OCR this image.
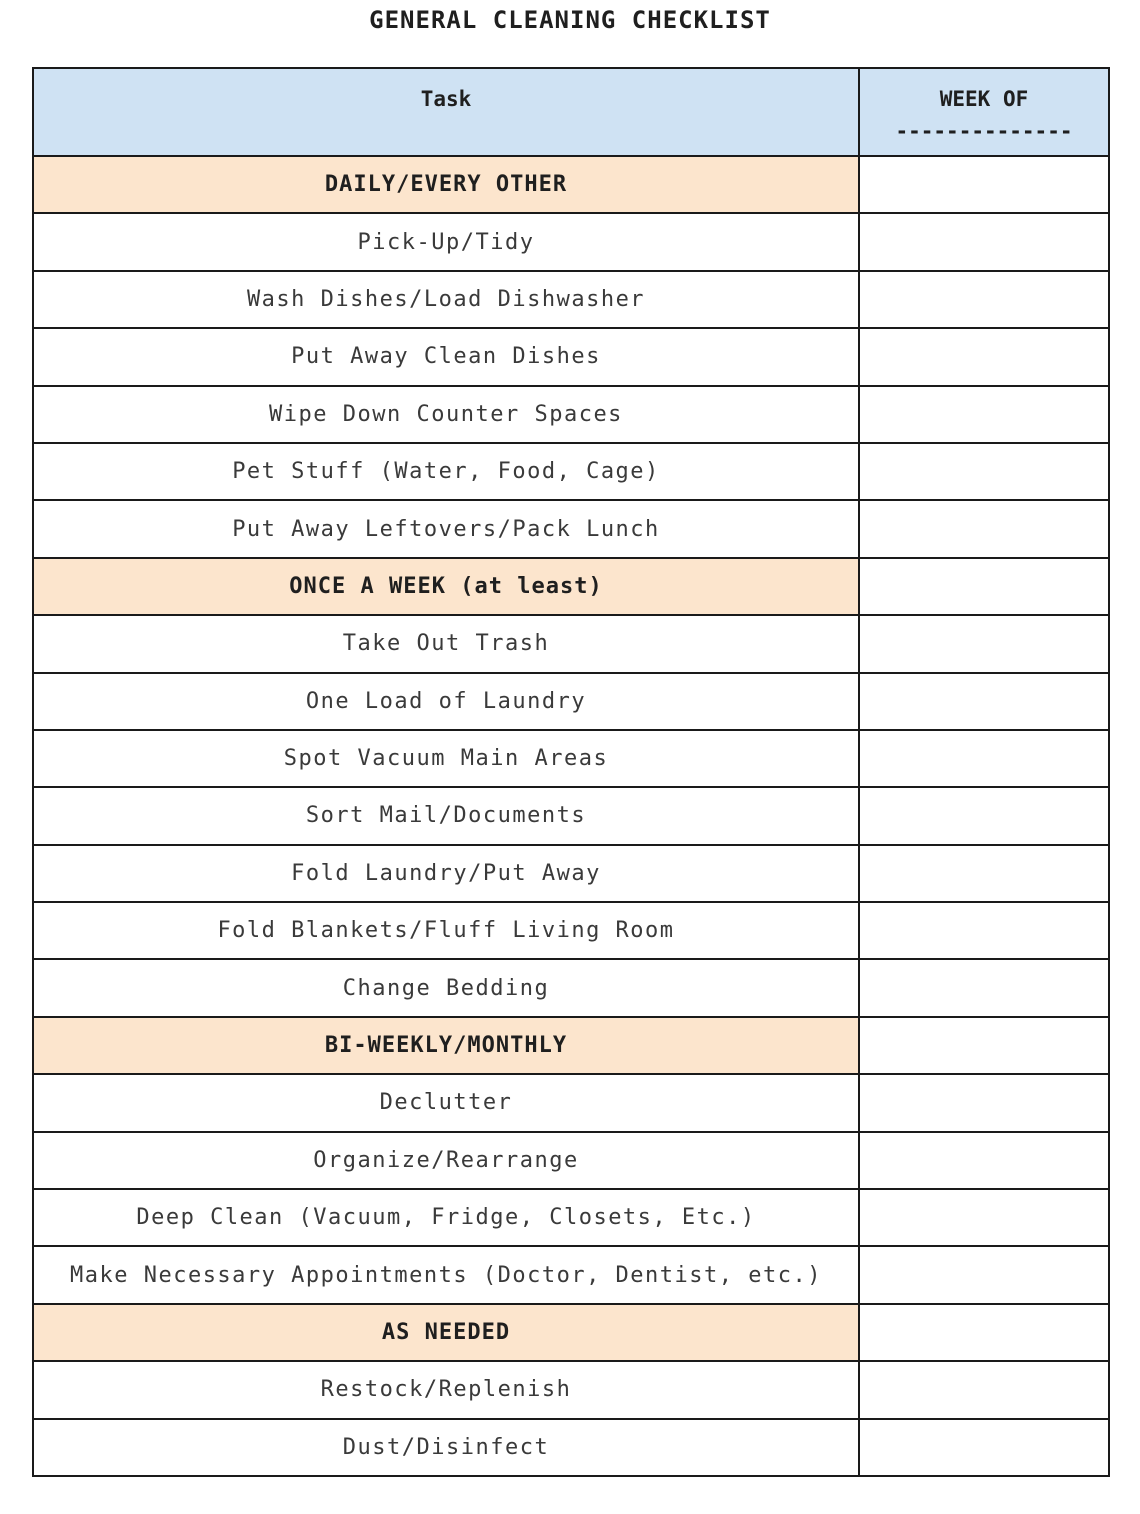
GENERAL CLEANING CHECKLIST
Task	WEEK OF
--------------

DAILY/EVERY OTHER	
Pick-Up/Tidy	
Wash Dishes/Load Dishwasher	
Put Away Clean Dishes	
Wipe Down Counter Spaces	
Pet Stuff (Water, Food, Cage)	
Put Away Leftovers/Pack Lunch	
ONCE A WEEK (at least)	
Take Out Trash	
One Load of Laundry	
Spot Vacuum Main Areas	
Sort Mail/Documents	
Fold Laundry/Put Away	
Fold Blankets/Fluff Living Room	
Change Bedding	
BI-WEEKLY/MONTHLY	
Declutter	
Organize/Rearrange	
Deep Clean (Vacuum, Fridge, Closets, Etc.)	
Make Necessary Appointments (Doctor, Dentist, etc.)	
AS NEEDED	
Restock/Replenish	
Dust/Disinfect	
